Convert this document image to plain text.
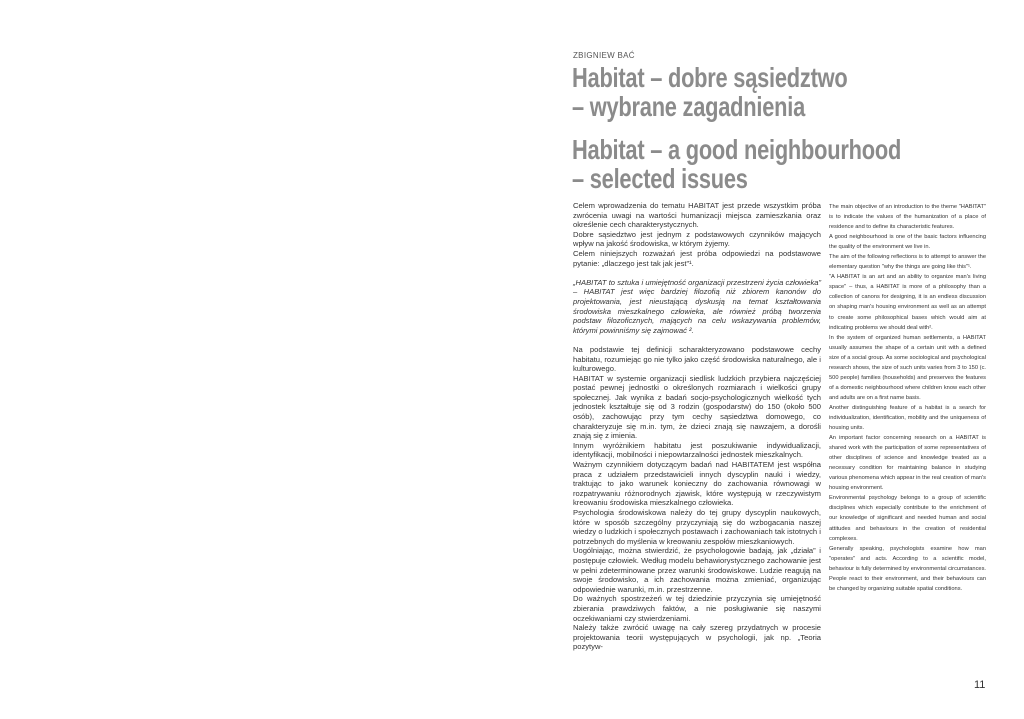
ZBIGNIEW BAĆ
Habitat – dobre sąsiedztwo
– wybrane zagadnienia
Habitat – a good neighbourhood
– selected issues

Celem wprowadzenia do tematu HABITAT jest przede wszystkim próba zwrócenia uwagi na wartości humanizacji miejsca zamieszkania oraz określenie cech charakterystycznych.

Dobre sąsiedztwo jest jednym z podstawowych czynników mających wpływ na jakość środowiska, w którym żyjemy.

Celem niniejszych rozważań jest próba odpowiedzi na podstawowe pytanie: „dlaczego jest tak jak jest”¹.

„HABITAT to sztuka i umiejętność organizacji przestrzeni życia człowieka” – HABITAT jest więc bardziej filozofią niż zbiorem kanonów do projektowania, jest nieustającą dyskusją na temat kształtowania środowiska mieszkalnego człowieka, ale również próbą tworzenia podstaw filozoficznych, mających na celu wskazywania problemów, którymi powinniśmy się zajmować ².

Na podstawie tej definicji scharakteryzowano podstawowe cechy habitatu, rozumiejąc go nie tylko jako część środowiska naturalnego, ale i kulturowego.

HABITAT w systemie organizacji siedlisk ludzkich przybiera najczęściej postać pewnej jednostki o określonych rozmiarach i wielkości grupy społecznej. Jak wynika z badań socjo-psychologicznych wielkość tych jednostek kształtuje się od 3 rodzin (gospodarstw) do 150 (około 500 osób), zachowując przy tym cechy sąsiedztwa domowego, co charakteryzuje się m.in. tym, że dzieci znają się nawzajem, a dorośli znają się z imienia.

Innym wyróżnikiem habitatu jest poszukiwanie indywidualizacji, identyfikacji, mobilności i niepowtarzalności jednostek mieszkalnych.

Ważnym czynnikiem dotyczącym badań nad HABITATEM jest współna praca z udziałem przedstawicieli innych dyscyplin nauki i wiedzy, traktując to jako warunek konieczny do zachowania równowagi w rozpatrywaniu różnorodnych zjawisk, które występują w rzeczywistym kreowaniu środowiska mieszkalnego człowieka.

Psychologia środowiskowa należy do tej grupy dyscyplin naukowych, które w sposób szczególny przyczyniają się do wzbogacania naszej wiedzy o ludzkich i społecznych postawach i zachowaniach tak istotnych i potrzebnych do myślenia w kreowaniu zespołów mieszkaniowych.

Uogólniając, można stwierdzić, że psychologowie badają, jak „działa” i postępuje człowiek. Według modelu behawiorystycznego zachowanie jest w pełni zdeterminowane przez warunki środowiskowe. Ludzie reagują na swoje środowisko, a ich zachowania można zmieniać, organizując odpowiednie warunki, m.in. przestrzenne.

Do ważnych spostrzeżeń w tej dziedzinie przyczynia się umiejętność zbierania prawdziwych faktów, a nie posługiwanie się naszymi oczekiwaniami czy stwierdzeniami.

Należy także zwrócić uwagę na cały szereg przydatnych w procesie projektowania teorii występujących w psychologii, jak np. „Teoria pozytyw-

The main objective of an introduction to the theme "HABITAT" is to indicate the values of the humanization of a place of residence and to define its characteristic features.

A good neighbourhood is one of the basic factors influencing the quality of the environment we live in.

The aim of the following reflections is to attempt to answer the elementary question "why the things are going like this"¹.

"A HABITAT is an art and an ability to organize man's living space" – thus, a HABITAT is more of a philosophy than a collection of canons for designing, it is an endless discussion on shaping man's housing environment as well as an attempt to create some philosophical bases which would aim at indicating problems we should deal with².

In the system of organized human settlements, a HABITAT usually assumes the shape of a certain unit with a defined size of a social group. As some sociological and psychological research shows, the size of such units varies from 3 to 150 (c. 500 people) families (households) and preserves the features of a domestic neighbourhood where children know each other and adults are on a first name basis.

Another distinguishing feature of a habitat is a search for individualization, identification, mobility and the uniqueness of housing units.

An important factor concerning research on a HABITAT is shared work with the participation of some representatives of other disciplines of science and knowledge treated as a necessary condition for maintaining balance in studying various phenomena which appear in the real creation of man's housing environment.

Environmental psychology belongs to a group of scientific disciplines which especially contribute to the enrichment of our knowledge of significant and needed human and social attitudes and behaviours in the creation of residential complexes.

Generally speaking, psychologists examine how man "operates" and acts. According to a scientific model, behaviour is fully determined by environmental circumstances. People react to their environment, and their behaviours can be changed by organizing suitable spatial conditions.

11
